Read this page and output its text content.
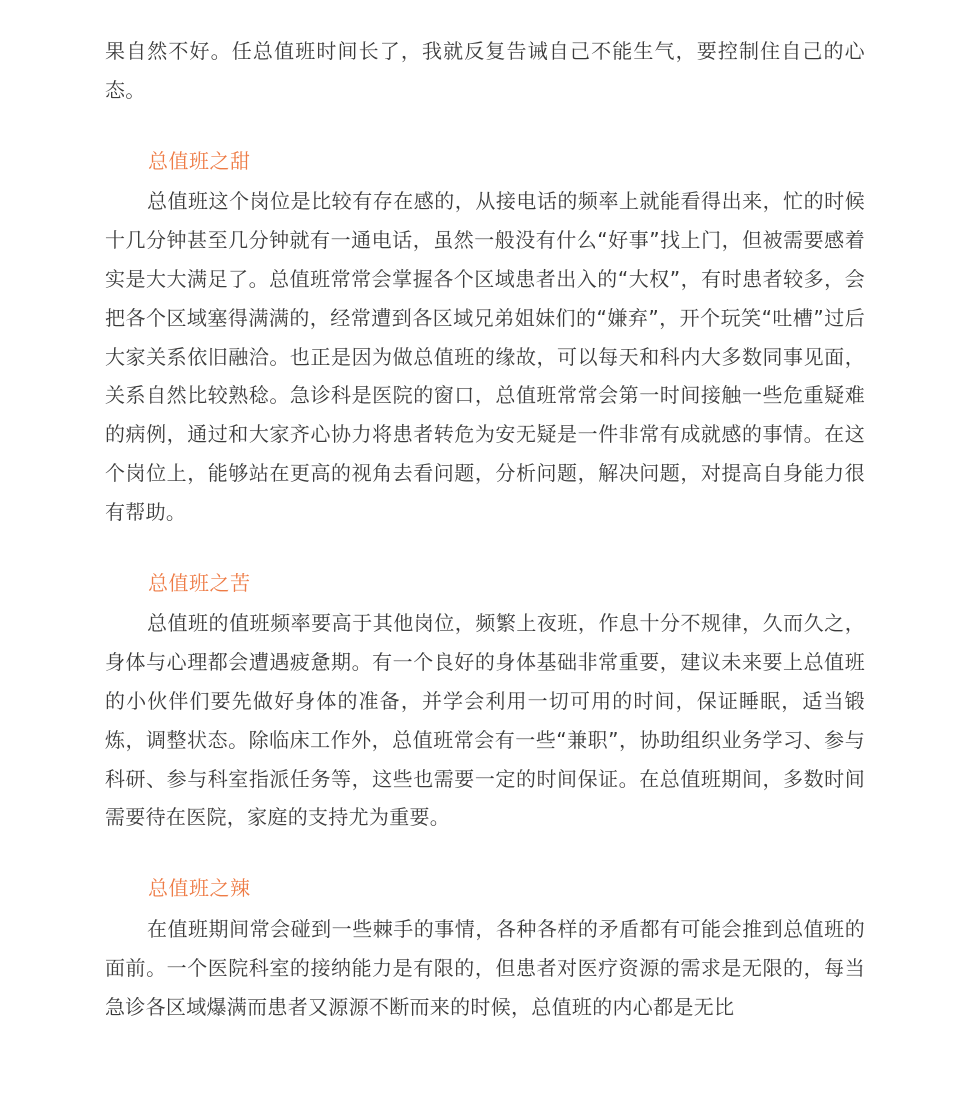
果自然不好。任总值班时间长了，我就反复告诫自己不能生气，要控制住自己的心态。

总值班之甜

总值班这个岗位是比较有存在感的，从接电话的频率上就能看得出来，忙的时候十几分钟甚至几分钟就有一通电话，虽然一般没有什么“好事”找上门，但被需要感着实是大大满足了。总值班常常会掌握各个区域患者出入的“大权”，有时患者较多，会把各个区域塞得满满的，经常遭到各区域兄弟姐妹们的“嫌弃”，开个玩笑“吐槽”过后大家关系依旧融洽。也正是因为做总值班的缘故，可以每天和科内大多数同事见面，关系自然比较熟稔。急诊科是医院的窗口，总值班常常会第一时间接触一些危重疑难的病例，通过和大家齐心协力将患者转危为安无疑是一件非常有成就感的事情。在这个岗位上，能够站在更高的视角去看问题，分析问题，解决问题，对提高自身能力很有帮助。

总值班之苦

总值班的值班频率要高于其他岗位，频繁上夜班，作息十分不规律，久而久之，身体与心理都会遭遇疲惫期。有一个良好的身体基础非常重要，建议未来要上总值班的小伙伴们要先做好身体的准备，并学会利用一切可用的时间，保证睡眠，适当锻炼，调整状态。除临床工作外，总值班常会有一些“兼职”，协助组织业务学习、参与科研、参与科室指派任务等，这些也需要一定的时间保证。在总值班期间，多数时间需要待在医院，家庭的支持尤为重要。

总值班之辣

在值班期间常会碰到一些棘手的事情，各种各样的矛盾都有可能会推到总值班的面前。一个医院科室的接纳能力是有限的，但患者对医疗资源的需求是无限的，每当急诊各区域爆满而患者又源源不断而来的时候，总值班的内心都是无比
